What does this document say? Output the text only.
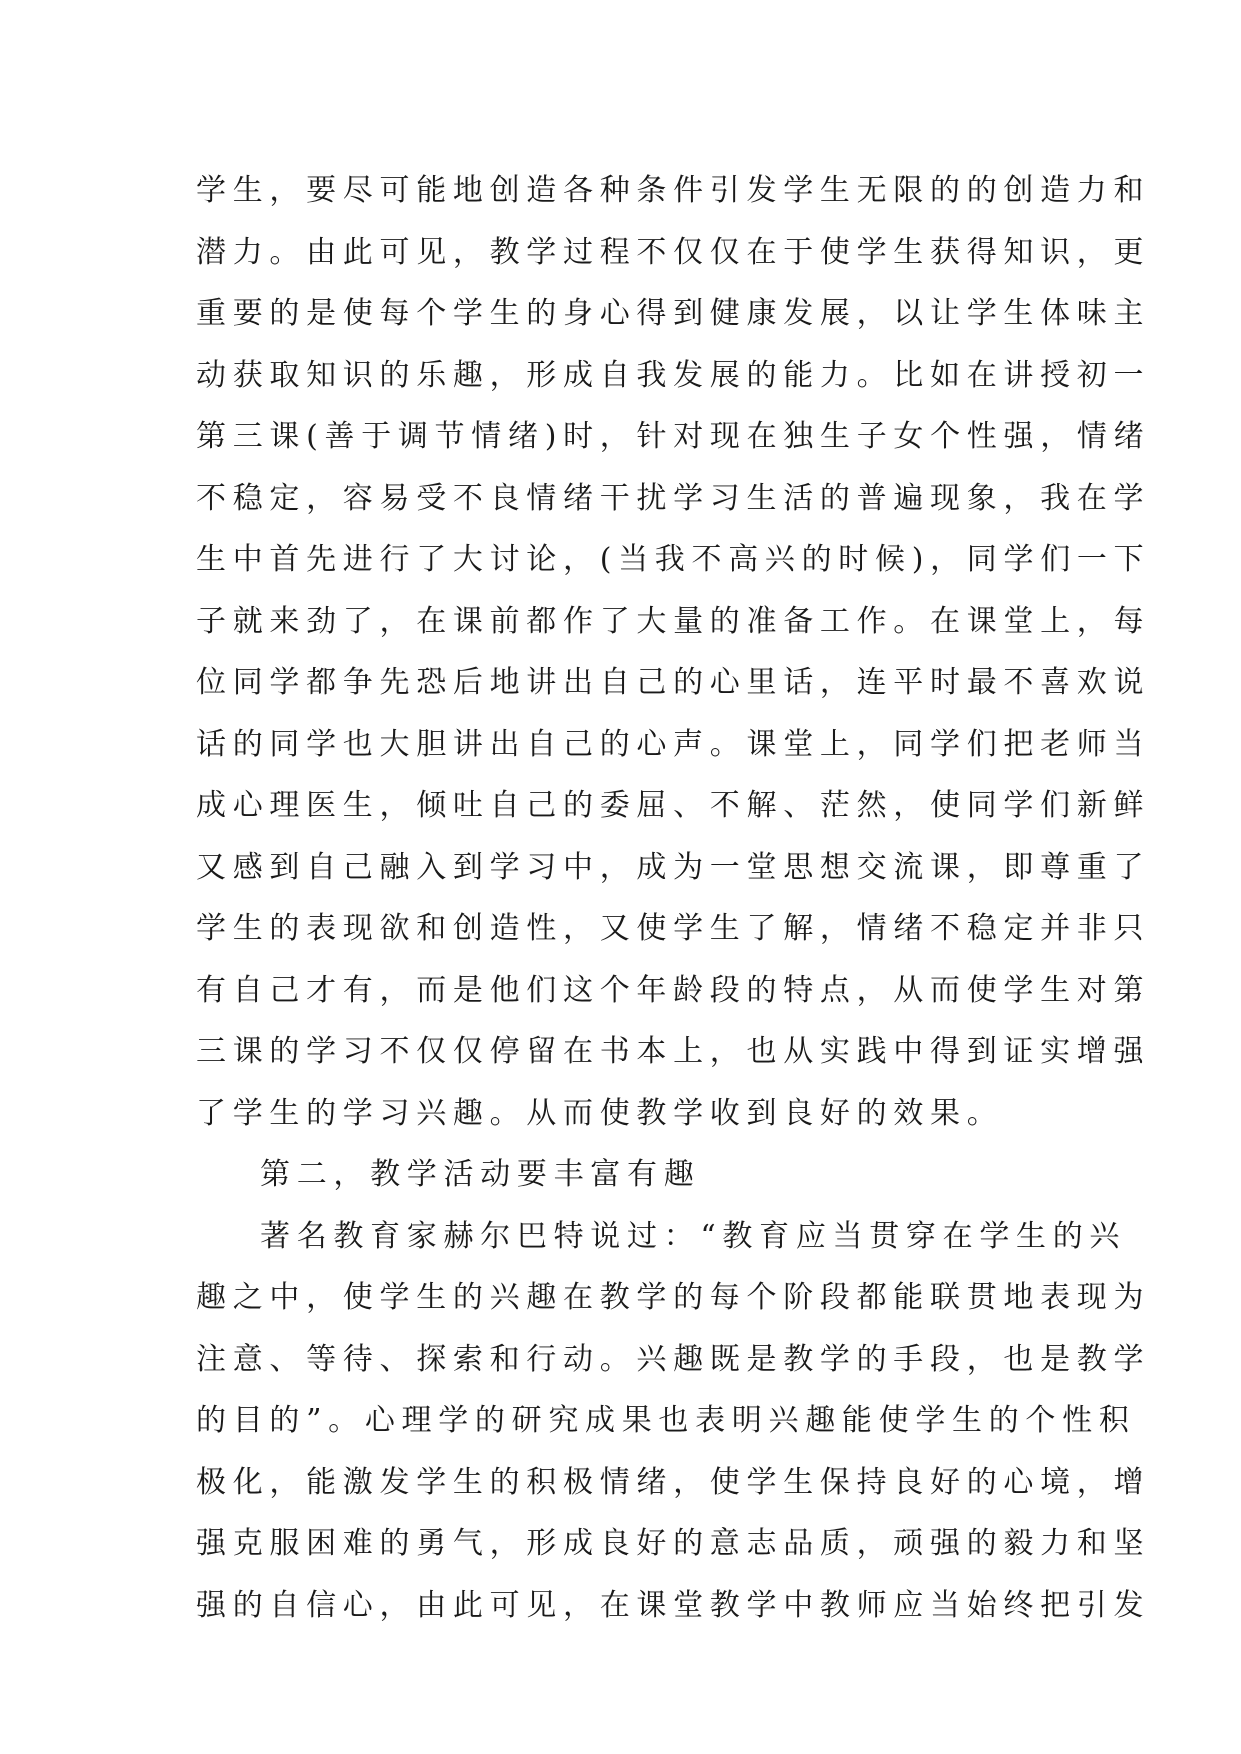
学生，要尽可能地创造各种条件引发学生无限的的创造力和
潜力。由此可见，教学过程不仅仅在于使学生获得知识，更
重要的是使每个学生的身心得到健康发展，以让学生体味主
动获取知识的乐趣，形成自我发展的能力。比如在讲授初一
第三课(善于调节情绪)时，针对现在独生子女个性强，情绪
不稳定，容易受不良情绪干扰学习生活的普遍现象，我在学
生中首先进行了大讨论，(当我不高兴的时候)，同学们一下
子就来劲了，在课前都作了大量的准备工作。在课堂上，每
位同学都争先恐后地讲出自己的心里话，连平时最不喜欢说
话的同学也大胆讲出自己的心声。课堂上，同学们把老师当
成心理医生，倾吐自己的委屈、不解、茫然，使同学们新鲜
又感到自己融入到学习中，成为一堂思想交流课，即尊重了
学生的表现欲和创造性，又使学生了解，情绪不稳定并非只
有自己才有，而是他们这个年龄段的特点，从而使学生对第
三课的学习不仅仅停留在书本上，也从实践中得到证实增强
了学生的学习兴趣。从而使教学收到良好的效果。
第二，教学活动要丰富有趣
著名教育家赫尔巴特说过：“教育应当贯穿在学生的兴
趣之中，使学生的兴趣在教学的每个阶段都能联贯地表现为
注意、等待、探索和行动。兴趣既是教学的手段，也是教学
的目的”。心理学的研究成果也表明兴趣能使学生的个性积
极化，能激发学生的积极情绪，使学生保持良好的心境，增
强克服困难的勇气，形成良好的意志品质，顽强的毅力和坚
强的自信心，由此可见，在课堂教学中教师应当始终把引发
